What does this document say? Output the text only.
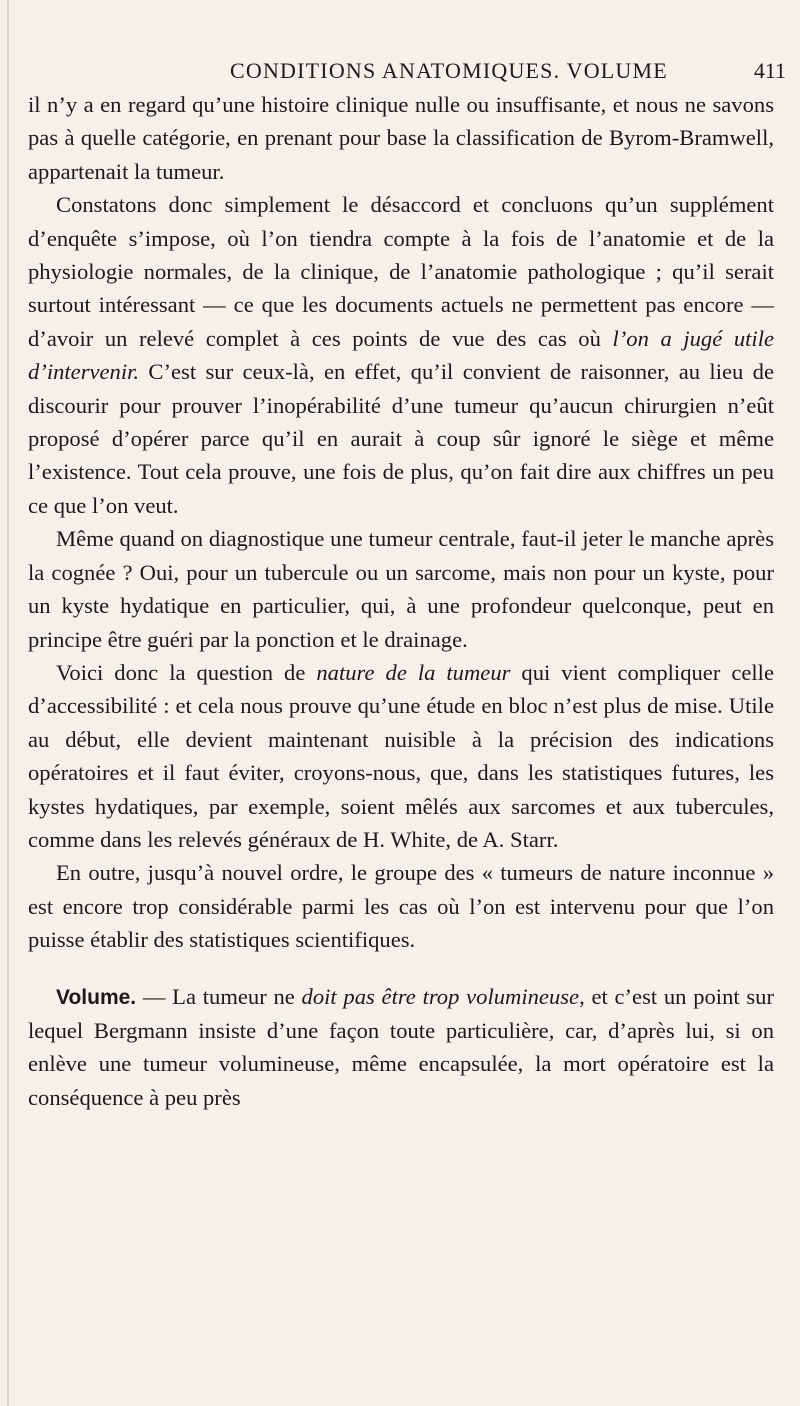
CONDITIONS ANATOMIQUES. VOLUME	411

il n’y a en regard qu’une histoire clinique nulle ou insuffisante, et nous ne savons pas à quelle catégorie, en prenant pour base la classification de Byrom-Bramwell, appartenait la tumeur.

Constatons donc simplement le désaccord et concluons qu’un supplément d’enquête s’impose, où l’on tiendra compte à la fois de l’anatomie et de la physiologie normales, de la clinique, de l’anatomie pathologique ; qu’il serait surtout intéressant — ce que les documents actuels ne permettent pas encore — d’avoir un relevé complet à ces points de vue des cas où l’on a jugé utile d’intervenir. C’est sur ceux-là, en effet, qu’il convient de raisonner, au lieu de discourir pour prouver l’inopérabilité d’une tumeur qu’aucun chirurgien n’eût proposé d’opérer parce qu’il en aurait à coup sûr ignoré le siège et même l’existence. Tout cela prouve, une fois de plus, qu’on fait dire aux chiffres un peu ce que l’on veut.

Même quand on diagnostique une tumeur centrale, faut-il jeter le manche après la cognée ? Oui, pour un tubercule ou un sarcome, mais non pour un kyste, pour un kyste hydatique en particulier, qui, à une profondeur quelconque, peut en principe être guéri par la ponction et le drainage.

Voici donc la question de nature de la tumeur qui vient compliquer celle d’accessibilité : et cela nous prouve qu’une étude en bloc n’est plus de mise. Utile au début, elle devient maintenant nuisible à la précision des indications opératoires et il faut éviter, croyons-nous, que, dans les statistiques futures, les kystes hydatiques, par exemple, soient mêlés aux sarcomes et aux tubercules, comme dans les relevés généraux de H. White, de A. Starr.

En outre, jusqu’à nouvel ordre, le groupe des « tumeurs de nature inconnue » est encore trop considérable parmi les cas où l’on est intervenu pour que l’on puisse établir des statistiques scientifiques.

Volume. — La tumeur ne doit pas être trop volumineuse, et c’est un point sur lequel Bergmann insiste d’une façon toute particulière, car, d’après lui, si on enlève une tumeur volumineuse, même encapsulée, la mort opératoire est la conséquence à peu près
